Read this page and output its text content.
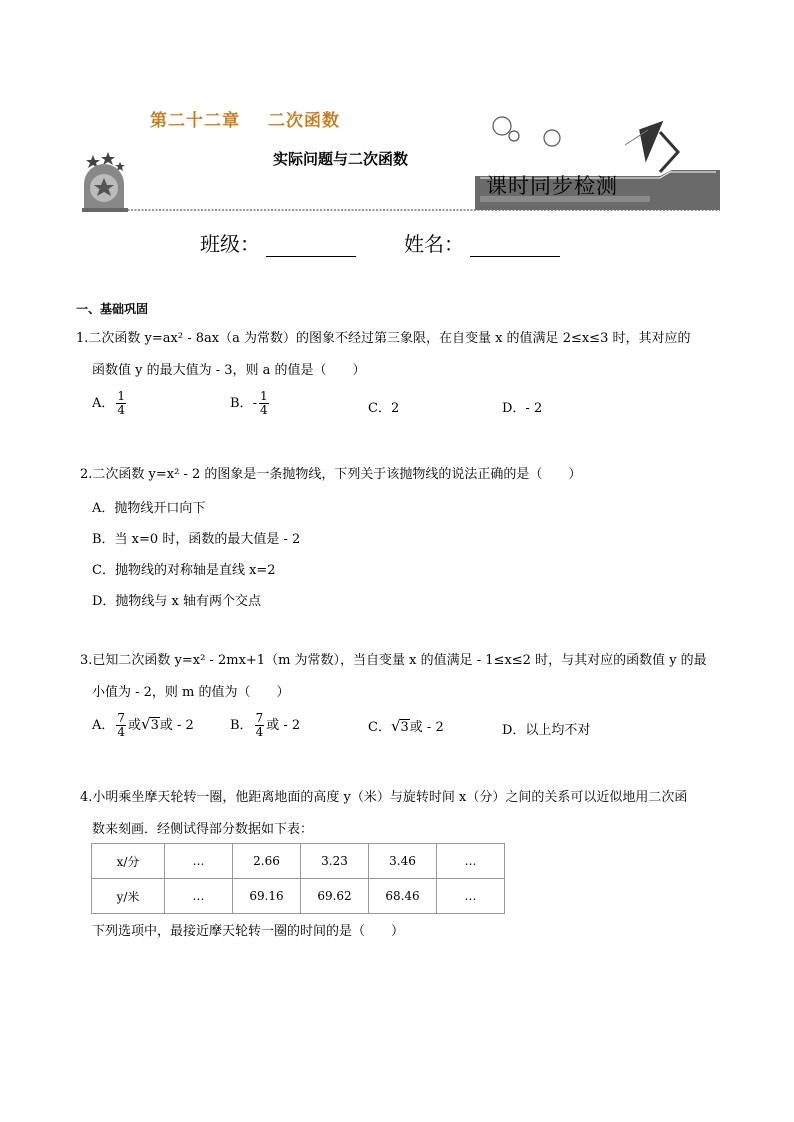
第二十二章 二次函数
实际问题与二次函数
课时同步检测
班级：	姓名：
一、基础巩固
1.二次函数 y=ax² - 8ax（a 为常数）的图象不经过第三象限，在自变量 x 的值满足 2≤x≤3 时，其对应的
函数值 y 的最大值为 - 3，则 a 的值是（　　）
A． $\frac{1}{4}$	B．- $\frac{1}{4}$	C．2	D．- 2
2.二次函数 y=x² - 2 的图象是一条抛物线，下列关于该抛物线的说法正确的是（　　）
A．抛物线开口向下
B．当 x=0 时，函数的最大值是 - 2
C．抛物线的对称轴是直线 x=2
D．抛物线与 x 轴有两个交点
3.已知二次函数 y=x² - 2mx+1（m 为常数），当自变量 x 的值满足 - 1≤x≤2 时，与其对应的函数值 y 的最
小值为 - 2，则 m 的值为（　　）
A． $\frac{7}{4}$ 或√3或 - 2	B． $\frac{7}{4}$ 或 - 2	C．√3或 - 2	D．以上均不对
4.小明乘坐摩天轮转一圈，他距离地面的高度 y（米）与旋转时间 x（分）之间的关系可以近似地用二次函
数来刻画．经侧试得部分数据如下表：
x/分	…	2.66	3.23	3.46	…
y/米	…	69.16	69.62	68.46	…
下列选项中，最接近摩天轮转一圈的时间的是（　　）
